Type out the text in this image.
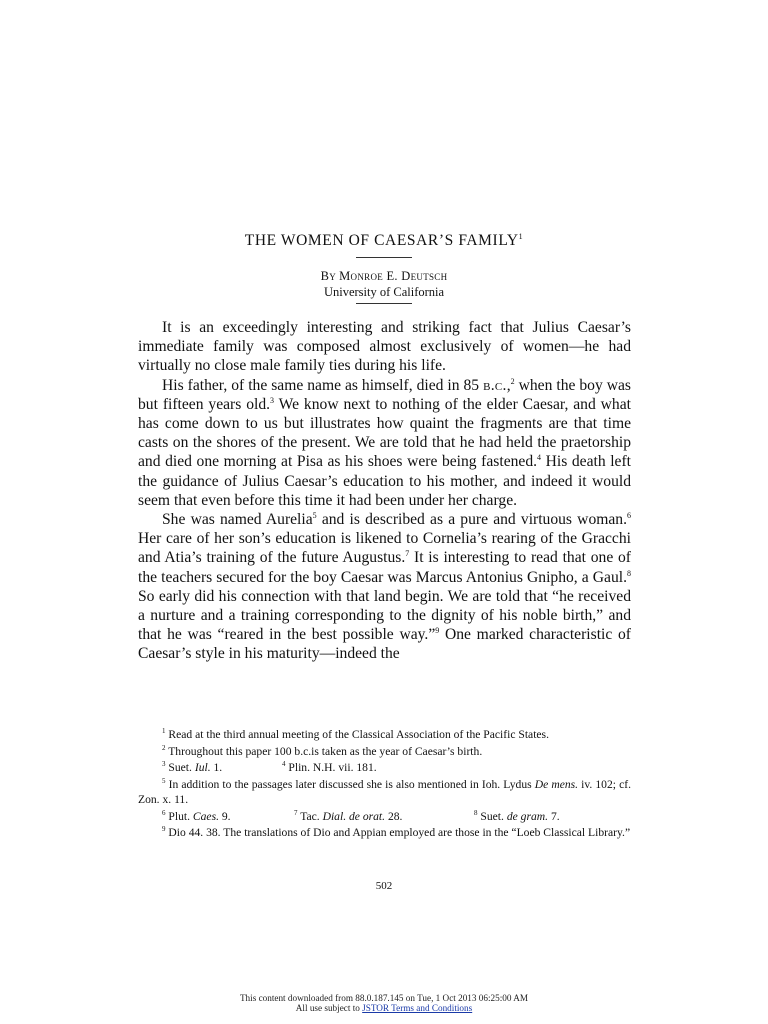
THE WOMEN OF CAESAR’S FAMILY$^1$
By Monroe E. Deutsch
University of California

It is an exceedingly interesting and striking fact that Julius Caesar’s immediate family was composed almost exclusively of women—he had virtually no close male family ties during his life.

His father, of the same name as himself, died in 85 b.c.,$^2$ when the boy was but fifteen years old.$^3$ We know next to nothing of the elder Caesar, and what has come down to us but illustrates how quaint the fragments are that time casts on the shores of the present. We are told that he had held the praetorship and died one morning at Pisa as his shoes were being fastened.$^4$ His death left the guidance of Julius Caesar’s education to his mother, and indeed it would seem that even before this time it had been under her charge.

She was named Aurelia$^5$ and is described as a pure and virtuous woman.$^6$ Her care of her son’s education is likened to Cornelia’s rearing of the Gracchi and Atia’s training of the future Augustus.$^7$ It is interesting to read that one of the teachers secured for the boy Caesar was Marcus Antonius Gnipho, a Gaul.$^8$ So early did his connection with that land begin. We are told that “he received a nurture and a training corresponding to the dignity of his noble birth,” and that he was “reared in the best possible way.”$^9$ One marked characteristic of Caesar’s style in his maturity—indeed the

$^1$ Read at the third annual meeting of the Classical Association of the Pacific States.
$^2$ Throughout this paper 100 b.c.is taken as the year of Caesar’s birth.
$^3$ Suet. Iul. 1.	$^4$ Plin. N.H. vii. 181.
$^5$ In addition to the passages later discussed she is also mentioned in Ioh. Lydus De mens. iv. 102; cf. Zon. x. 11.
$^6$ Plut. Caes. 9.	$^7$ Tac. Dial. de orat. 28.	$^8$ Suet. de gram. 7.
$^9$ Dio 44. 38. The translations of Dio and Appian employed are those in the “Loeb Classical Library.”
502
This content downloaded from 88.0.187.145 on Tue, 1 Oct 2013 06:25:00 AM
All use subject to JSTOR Terms and Conditions
